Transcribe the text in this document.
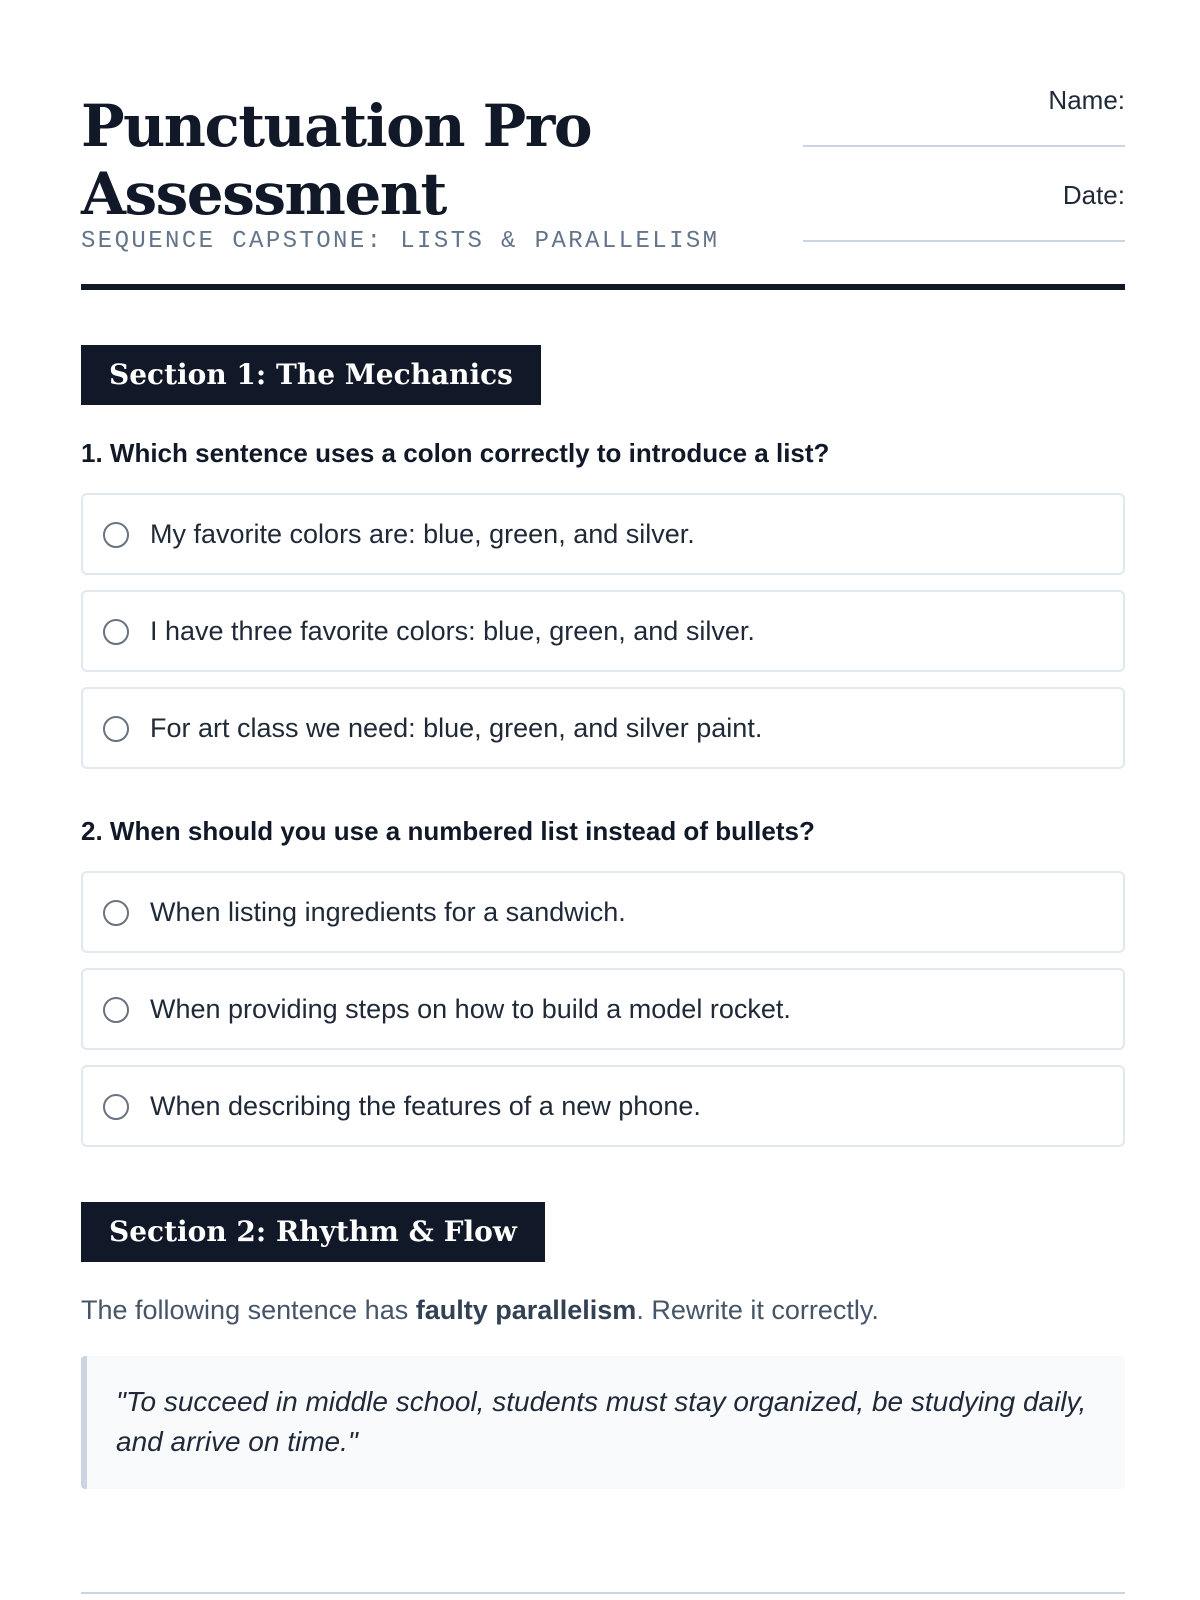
Punctuation Pro
Assessment
SEQUENCE CAPSTONE: LISTS & PARALLELISM
Name:
Date:
Section 1: The Mechanics
1. Which sentence uses a colon correctly to introduce a list?
My favorite colors are: blue, green, and silver.
I have three favorite colors: blue, green, and silver.
For art class we need: blue, green, and silver paint.
2. When should you use a numbered list instead of bullets?
When listing ingredients for a sandwich.
When providing steps on how to build a model rocket.
When describing the features of a new phone.
Section 2: Rhythm & Flow
The following sentence has faulty parallelism. Rewrite it correctly.
"To succeed in middle school, students must stay organized, be studying daily, and arrive on time."
